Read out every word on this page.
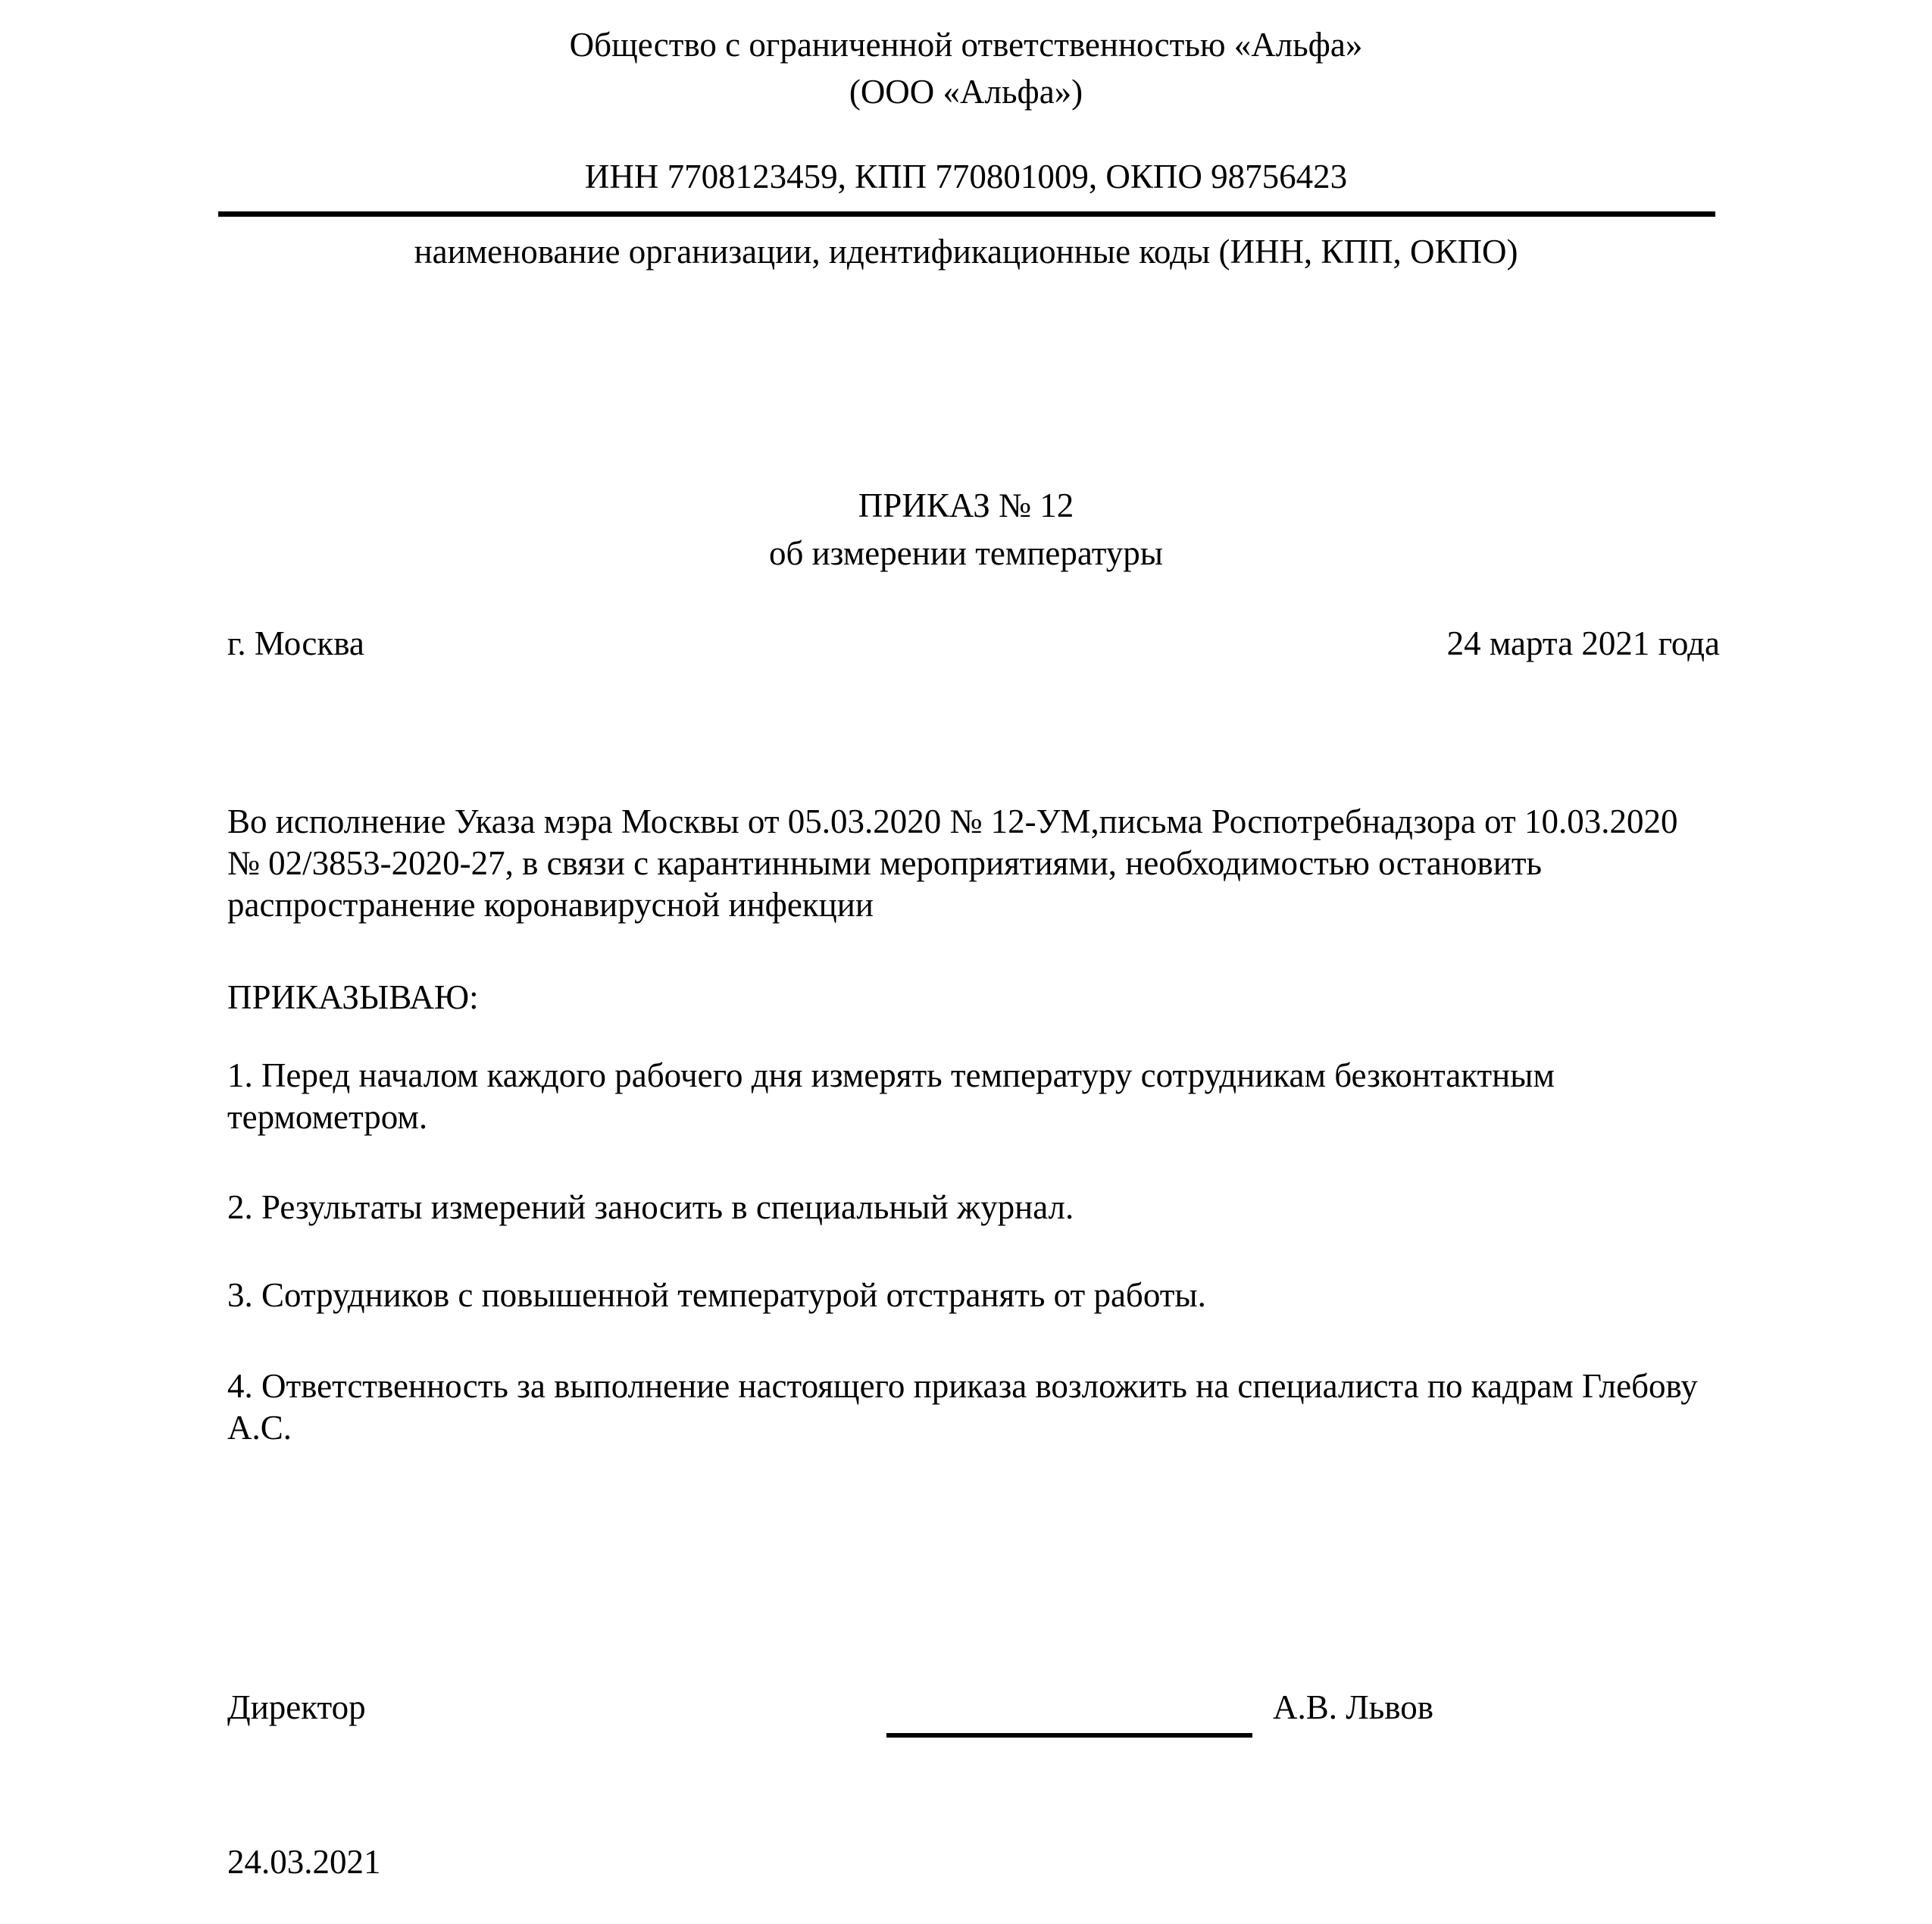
Общество с ограниченной ответственностью «Альфа»
(ООО «Альфа»)
ИНН 7708123459, КПП 770801009, ОКПО 98756423
наименование организации, идентификационные коды (ИНН, КПП, ОКПО)
ПРИКАЗ № 12
об измерении температуры
г. Москва	24 марта 2021 года

Во исполнение Указа мэра Москвы от 05.03.2020 № 12-УМ,письма Роспотребнадзора от 10.03.2020 № 02/3853-2020-27, в связи с карантинными мероприятиями, необходимостью остановить распространение коронавирусной инфекции

ПРИКАЗЫВАЮ:

1. Перед началом каждого рабочего дня измерять температуру сотрудникам безконтактным термометром.

2. Результаты измерений заносить в специальный журнал.

3. Сотрудников с повышенной температурой отстранять от работы.

4. Ответственность за выполнение настоящего приказа возложить на специалиста по кадрам Глебову А.С.

Директор	А.В. Львов
24.03.2021
